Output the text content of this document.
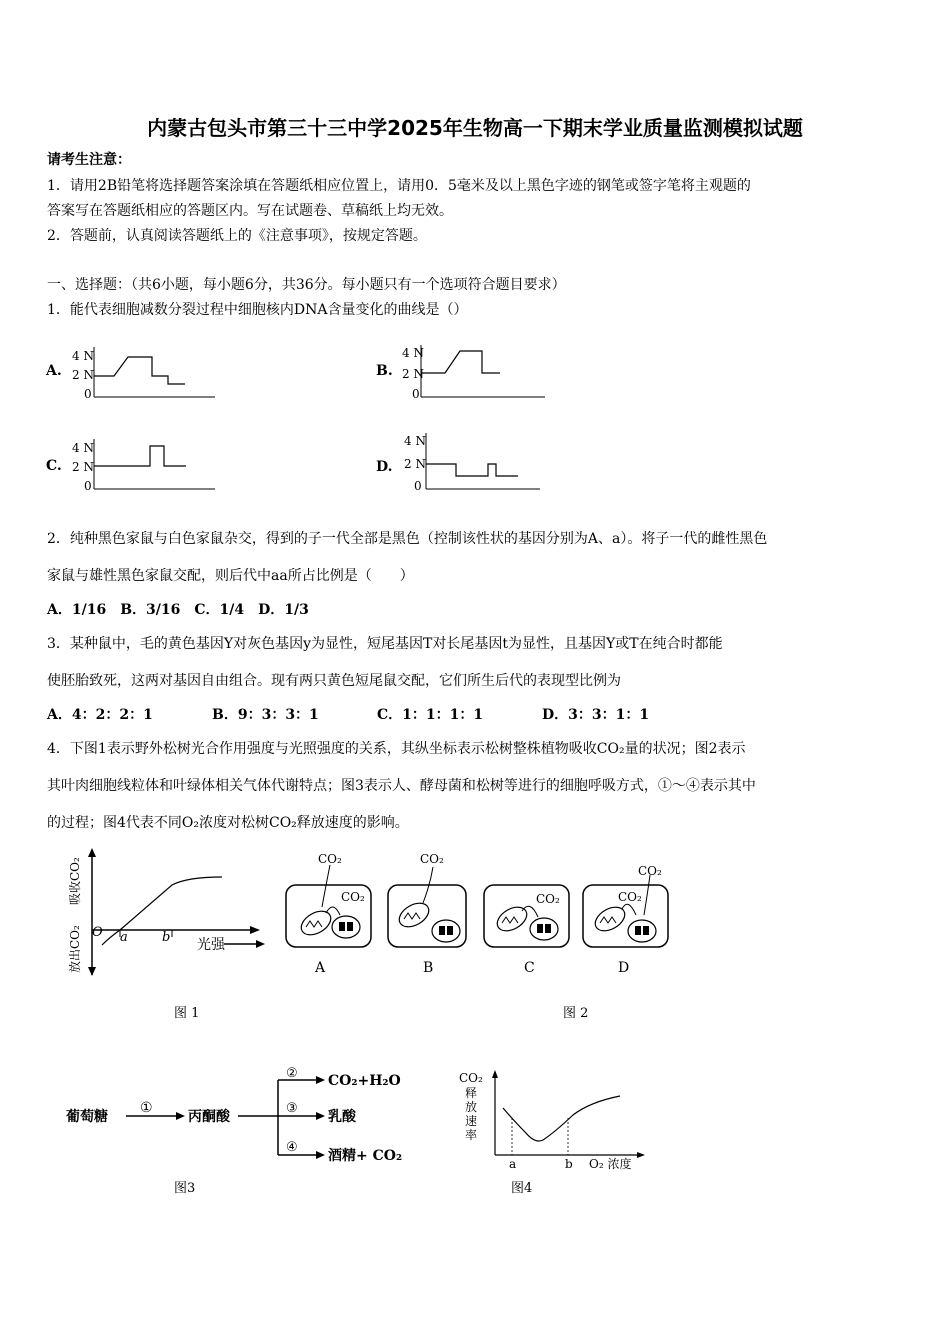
内蒙古包头市第三十三中学2025年生物高一下期末学业质量监测模拟试题
请考生注意：
1．请用2B铅笔将选择题答案涂填在答题纸相应位置上，请用0．5毫米及以上黑色字迹的钢笔或签字笔将主观题的
答案写在答题纸相应的答题区内。写在试题卷、草稿纸上均无效。
2．答题前，认真阅读答题纸上的《注意事项》，按规定答题。
一、选择题：（共6小题，每小题6分，共36分。每小题只有一个选项符合题目要求）
1．能代表细胞减数分裂过程中细胞核内DNA含量变化的曲线是（）
A.
4 N
2 N
0
B.
4 N
2 N
0
C.
4 N
2 N
0
D.
4 N
2 N
0
2．纯种黑色家鼠与白色家鼠杂交，得到的子一代全部是黑色（控制该性状的基因分别为A、a）。将子一代的雌性黑色
家鼠与雄性黑色家鼠交配，则后代中aa所占比例是（　　）
A．1/16　B．3/16　C．1/4　D．1/3
3．某种鼠中，毛的黄色基因Y对灰色基因y为显性，短尾基因T对长尾基因t为显性，且基因Y或T在纯合时都能
使胚胎致死，这两对基因自由组合。现有两只黄色短尾鼠交配，它们所生后代的表现型比例为
A．4：2：2：1	B．9：3：3：1	C．1：1：1：1	D．3：3：1：1
4．下图1表示野外松树光合作用强度与光照强度的关系，其纵坐标表示松树整株植物吸收CO₂量的状况；图2表示
其叶肉细胞线粒体和叶绿体相关气体代谢特点；图3表示人、酵母菌和松树等进行的细胞呼吸方式，①～④表示其中
的过程；图4代表不同O₂浓度对松树CO₂释放速度的影响。
吸收CO₂
放出CO₂ O a	b 光强
图 1
CO₂
CO₂
CO₂
CO₂
CO₂
CO₂
A	B	C	D
图 2
葡萄糖
①
丙酮酸
②
③
④
CO₂+H₂O
乳酸
酒精+ CO₂
图3
CO₂
释
放
速
率
a	b O₂ 浓度
图4
